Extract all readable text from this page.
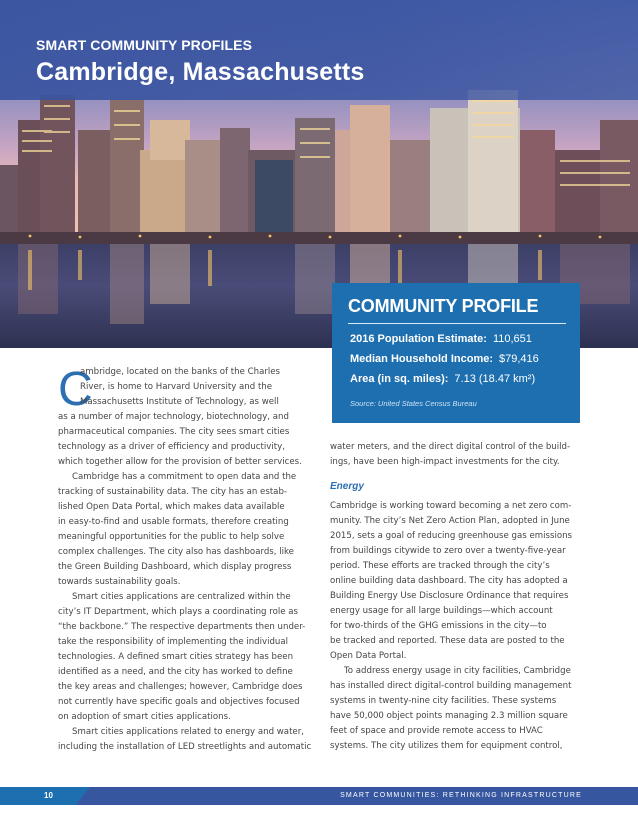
SMART COMMUNITY PROFILES
Cambridge, Massachusetts
COMMUNITY PROFILE
2016 Population Estimate: 110,651
Median Household Income: $79,416
Area (in sq. miles): 7.13 (18.47 km²)
Source: United States Census Bureau
C
ambridge, located on the banks of the Charles
River, is home to Harvard University and the
Massachusetts Institute of Technology, as well
as a number of major technology, biotechnology, and
pharmaceutical companies. The city sees smart cities
technology as a driver of efficiency and productivity,
which together allow for the provision of better services.
Cambridge has a commitment to open data and the
tracking of sustainability data. The city has an estab-
lished Open Data Portal, which makes data available
in easy-to-find and usable formats, therefore creating
meaningful opportunities for the public to help solve
complex challenges. The city also has dashboards, like
the Green Building Dashboard, which display progress
towards sustainability goals.
Smart cities applications are centralized within the
city’s IT Department, which plays a coordinating role as
“the backbone.” The respective departments then under-
take the responsibility of implementing the individual
technologies. A defined smart cities strategy has been
identified as a need, and the city has worked to define
the key areas and challenges; however, Cambridge does
not currently have specific goals and objectives focused
on adoption of smart cities applications.
Smart cities applications related to energy and water,
including the installation of LED streetlights and automatic
water meters, and the direct digital control of the build-
ings, have been high-impact investments for the city.
Energy
Cambridge is working toward becoming a net zero com-
munity. The city’s Net Zero Action Plan, adopted in June
2015, sets a goal of reducing greenhouse gas emissions
from buildings citywide to zero over a twenty-five-year
period. These efforts are tracked through the city’s
online building data dashboard. The city has adopted a
Building Energy Use Disclosure Ordinance that requires
energy usage for all large buildings—which account
for two-thirds of the GHG emissions in the city—to
be tracked and reported. These data are posted to the
Open Data Portal.
To address energy usage in city facilities, Cambridge
has installed direct digital-control building management
systems in twenty-nine city facilities. These systems
have 50,000 object points managing 2.3 million square
feet of space and provide remote access to HVAC
systems. The city utilizes them for equipment control,
10	SMART COMMUNITIES: RETHINKING INFRASTRUCTURE
